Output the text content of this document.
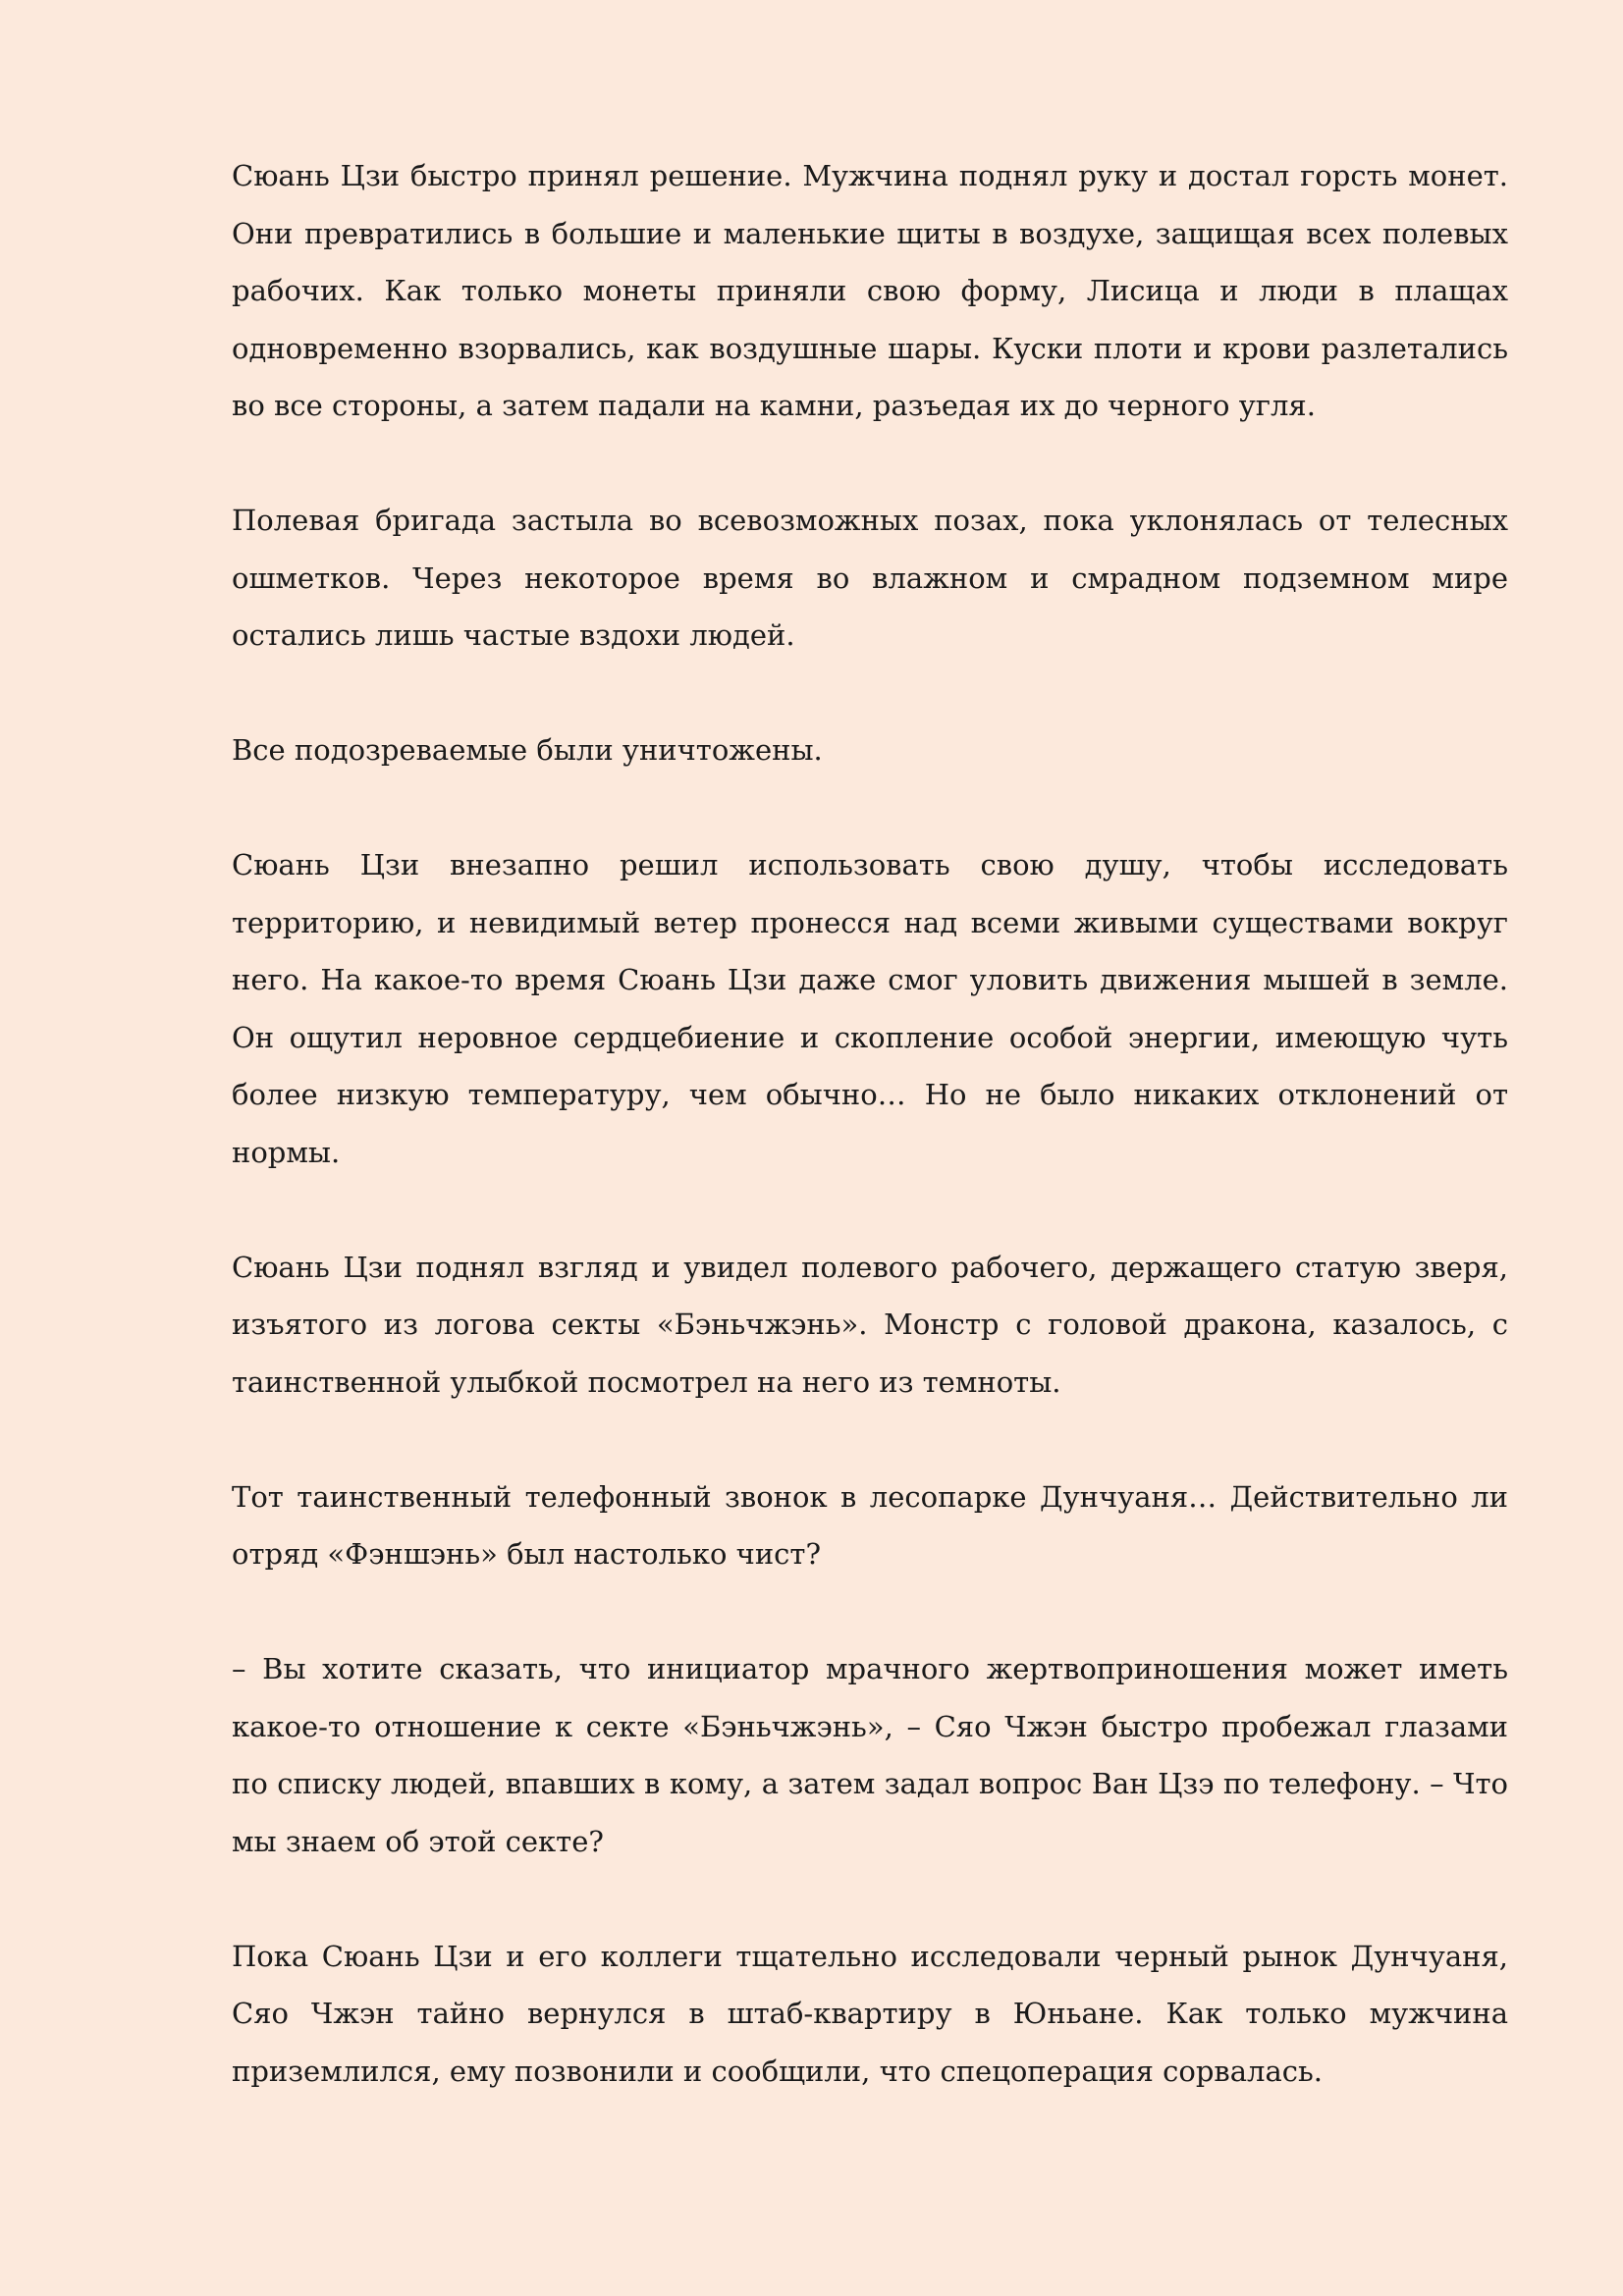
Сюань Цзи быстро принял решение. Мужчина поднял руку и достал горсть монет. Они превратились в большие и маленькие щиты в воздухе, защищая всех полевых рабочих. Как только монеты приняли свою форму, Лисица и люди в плащах одновременно взорвались, как воздушные шары. Куски плоти и крови разлетались во все стороны, а затем падали на камни, разъедая их до черного угля.

Полевая бригада застыла во всевозможных позах, пока уклонялась от телесных ошметков. Через некоторое время во влажном и смрадном подземном мире остались лишь частые вздохи людей.

Все подозреваемые были уничтожены.

Сюань Цзи внезапно решил использовать свою душу, чтобы исследовать территорию, и невидимый ветер пронесся над всеми живыми существами вокруг него. На какое-то время Сюань Цзи даже смог уловить движения мышей в земле. Он ощутил неровное сердцебиение и скопление особой энергии, имеющую чуть более низкую температуру, чем обычно… Но не было никаких отклонений от нормы.

Сюань Цзи поднял взгляд и увидел полевого рабочего, держащего статую зверя, изъятого из логова секты «Бэньчжэнь». Монстр с головой дракона, казалось, с таинственной улыбкой посмотрел на него из темноты.

Тот таинственный телефонный звонок в лесопарке Дунчуаня… Действительно ли отряд «Фэншэнь» был настолько чист?

– Вы хотите сказать, что инициатор мрачного жертвоприношения может иметь какое-то отношение к секте «Бэньчжэнь», – Сяо Чжэн быстро пробежал глазами по списку людей, впавших в кому, а затем задал вопрос Ван Цзэ по телефону. – Что мы знаем об этой секте?

Пока Сюань Цзи и его коллеги тщательно исследовали черный рынок Дунчуаня, Сяо Чжэн тайно вернулся в штаб-квартиру в Юньане. Как только мужчина приземлился, ему позвонили и сообщили, что спецоперация сорвалась.
